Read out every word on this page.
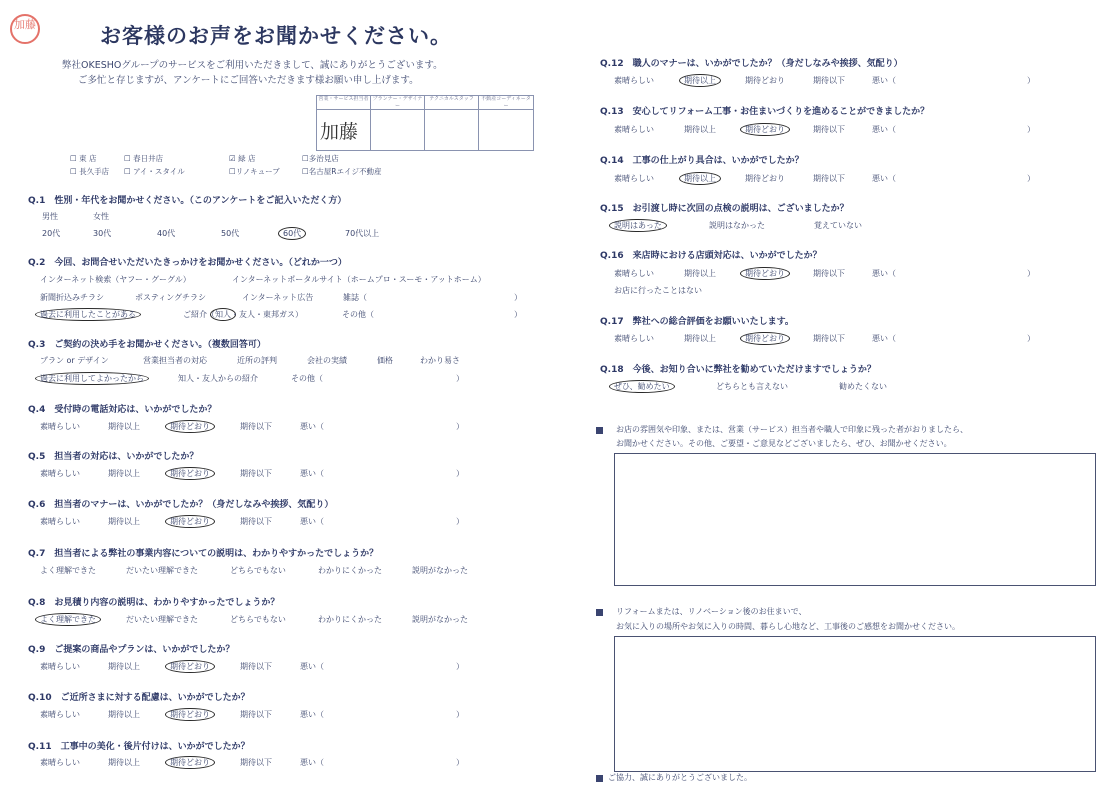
加藤	お客様のお声をお聞かせください。
弊社OKESHOグループのサービスをご利用いただきまして、誠にありがとうございます。
ご多忙と存じますが、アンケートにご回答いただきます様お願い申し上げます。
営業・サービス担当者 プランナー・デザイナー
テクニカルスタッフ	不動産コーディネーター
加藤
☐ 東 店	☐ 春日井店	☑ 緑 店	☐多治見店
☐ 長久手店 ☐ アイ・スタイル	☐リノキューブ	☐名古屋Rエイジ不動産
Q.1　 性別・年代をお聞かせください。（このアンケートをご記入いただく方）
男性	女性
20代	30代	40代	50代	60代	70代以上
Q.2　 今回、お問合せいただいたきっかけをお聞かせください。（どれか一つ）
インターネット検索（ヤフー・グーグル）	インターネットポータルサイト（ホームプロ・スーモ・アットホーム）
新聞折込みチラシ	ポスティングチラシ	インターネット広告	雑誌（	）
過去に利用したことがある	ご紹介（知人・友人・東邦ガス）	その他（	）
Q.3　 ご契約の決め手をお聞かせください。（複数回答可）
プラン or デザイン	営業担当者の対応	近所の評判	会社の実績	価格	わかり易さ
過去に利用してよかったから	知人・友人からの紹介	その他（	）
Q.4　 受付時の電話対応は、いかがでしたか？
素晴らしい	期待以上	期待どおり	期待以下	悪い（	）
Q.5　 担当者の対応は、いかがでしたか？
素晴らしい	期待以上	期待どおり	期待以下	悪い（	）
Q.6　 担当者のマナーは、いかがでしたか？（身だしなみや挨拶、気配り）
素晴らしい	期待以上	期待どおり	期待以下	悪い（	）
Q.7　 担当者による弊社の事業内容についての説明は、わかりやすかったでしょうか？
よく理解できた	だいたい理解できた	どちらでもない	わかりにくかった	説明がなかった
Q.8　 お見積り内容の説明は、わかりやすかったでしょうか？
よく理解できた	だいたい理解できた	どちらでもない	わかりにくかった	説明がなかった
Q.9　 ご提案の商品やプランは、いかがでしたか？
素晴らしい	期待以上	期待どおり	期待以下	悪い（	）
Q.10　 ご近所さまに対する配慮は、いかがでしたか？
素晴らしい	期待以上	期待どおり	期待以下	悪い（	）
Q.11　 工事中の美化・後片付けは、いかがでしたか？
素晴らしい	期待以上	期待どおり	期待以下	悪い（	）
Q.12　 職人のマナーは、いかがでしたか？（身だしなみや挨拶、気配り）
素晴らしい	期待以上	期待どおり	期待以下	悪い（	）
Q.13　 安心してリフォーム工事・お住まいづくりを進めることができましたか？
素晴らしい	期待以上	期待どおり	期待以下	悪い（	）
Q.14　 工事の仕上がり具合は、いかがでしたか？
素晴らしい	期待以上	期待どおり	期待以下	悪い（	）
Q.15　 お引渡し時に次回の点検の説明は、ございましたか？
説明はあった	説明はなかった	覚えていない
Q.16　 来店時における店頭対応は、いかがでしたか？
素晴らしい	期待以上	期待どおり	期待以下	悪い（	）
お店に行ったことはない
Q.17　 弊社への総合評価をお願いいたします。
素晴らしい	期待以上	期待どおり	期待以下	悪い（	）
Q.18　 今後、お知り合いに弊社を勧めていただけますでしょうか？
ぜひ、勧めたい	どちらとも言えない	勧めたくない
お店の雰囲気や印象、または、営業（サービス）担当者や職人で印象に残った者がおりましたら、
お聞かせください。その他、ご要望・ご意見などございましたら、ぜひ、お聞かせください。
リフォームまたは、リノベーション後のお住まいで、
お気に入りの場所やお気に入りの時間、暮らし心地など、工事後のご感想をお聞かせください。
ご協力、誠にありがとうございました。
